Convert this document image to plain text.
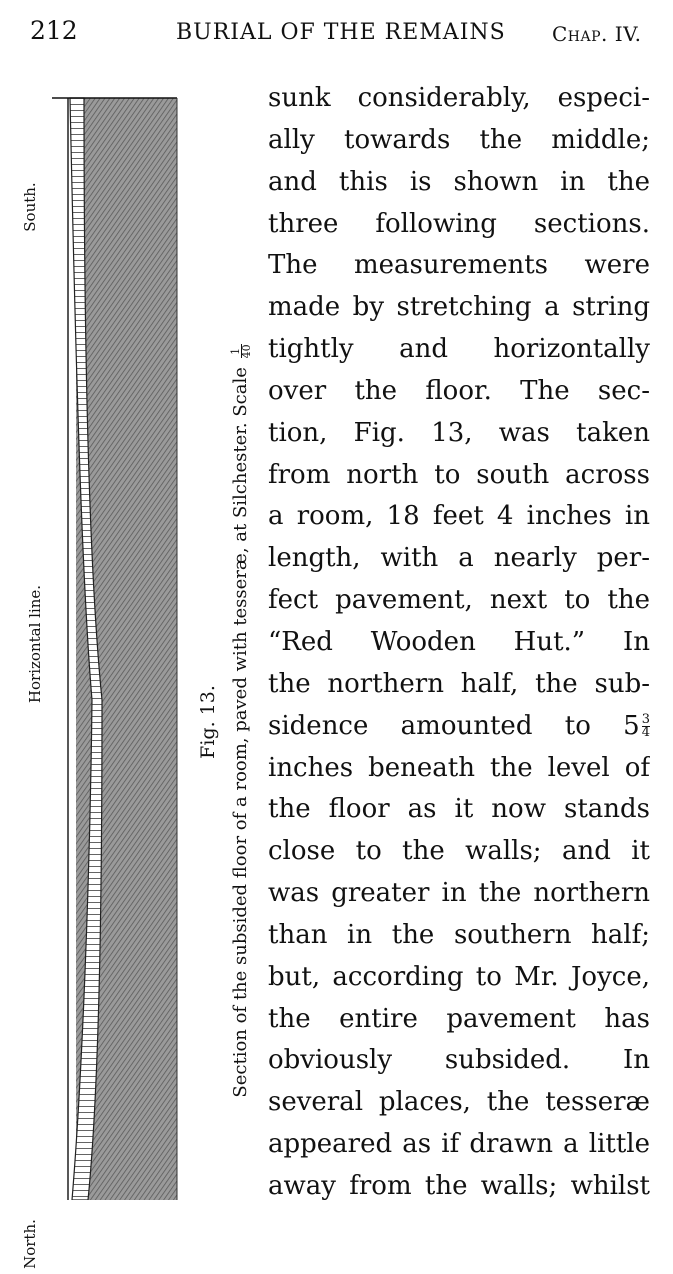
212	BURIAL OF THE REMAINS Chap. IV.
South.
Horizontal line.
North.
Fig. 13. Section of the subsided floor of a room, paved with tesseræ, at Silchester. Scale
1
40
sunk considerably, especi-
ally towards the middle;
and this is shown in the
three following sections.
The measurements were
made by stretching a string
tightly and horizontally
over the floor. The sec-
tion, Fig. 13, was taken
from north to south across
a room, 18 feet 4 inches in
length, with a nearly per-
fect pavement, next to the
“Red Wooden Hut.” In
the northern half, the sub-
sidence amounted to $5 \frac{3}{4}$
inches beneath the level of
the floor as it now stands
close to the walls; and it
was greater in the northern
than in the southern half;
but, according to Mr. Joyce,
the entire pavement has
obviously subsided. In
several places, the tesseræ
appeared as if drawn a little
away from the walls; whilst
